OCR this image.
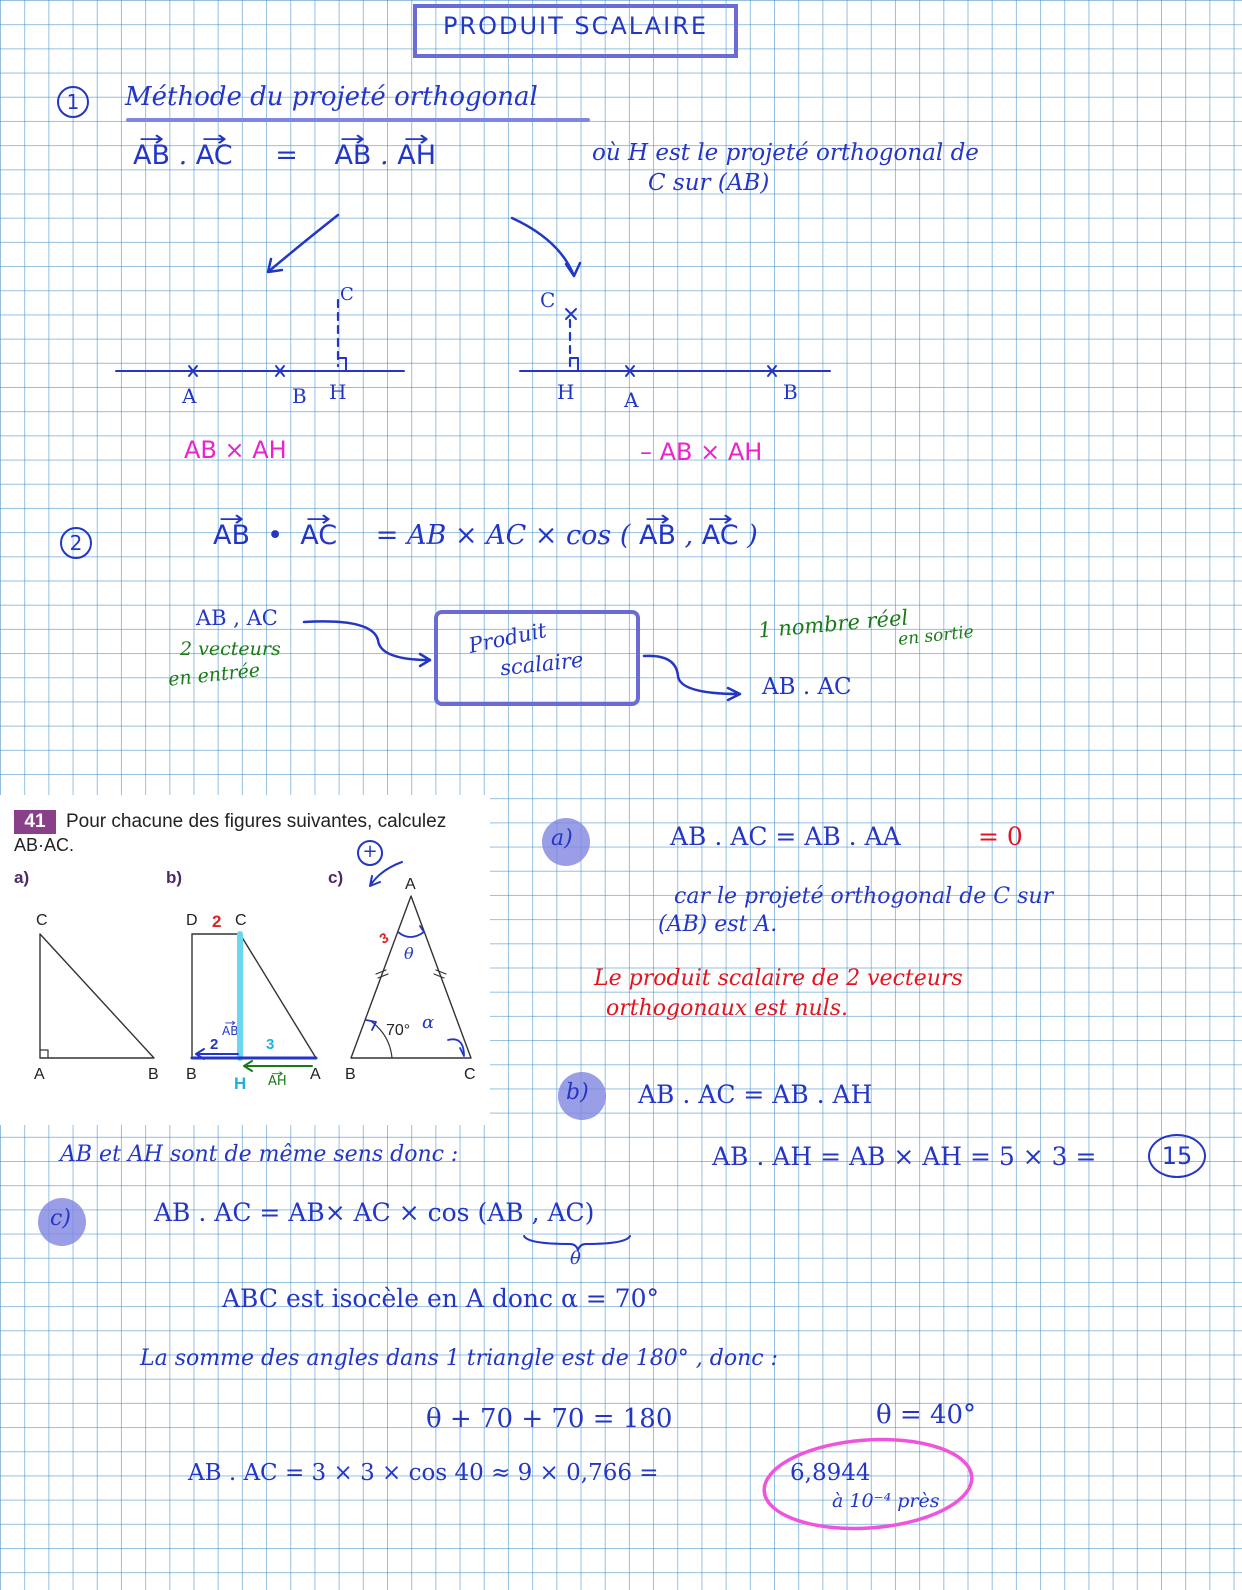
PRODUIT SCALAIRE
1	Méthode du projeté orthogonal
→ AB . → AC = → AB . → AH	où H est le projeté orthogonal de
C sur (AB)
A	B H
C
H A	B
C
AB × AH	– AB × AH
2	→ AB  •  → AC = AB × AC × cos ( → AB , → AC )
AB , AC
2 vecteurs
en entrée
Produit
scalaire
1 nombre réel
en sortie
AB . AC
41	Pour chacune des figures suivantes, calculez
AB·AC.
a)	b)	c)
C
A	B
D C
2
B	A
2	3
H
→ AB
→ AH
A
B	C
70°
3
θ
α
+
a)	AB . AC = AB . AA	= 0
car le projeté orthogonal de C sur
(AB) est A.
Le produit scalaire de 2 vecteurs
orthogonaux est nuls.
b) AB . AC = AB . AH
AB et AH sont de même sens donc :	AB . AH = AB × AH = 5 × 3 =	15
c)	AB . AC = AB× AC × cos (AB , AC)
θ
ABC est isocèle en A donc α = 70°
La somme des angles dans 1 triangle est de 180° , donc :
θ + 70 + 70 = 180	θ = 40°
AB . AC = 3 × 3 × cos 40 ≈ 9 × 0,766 =	6,8944
à 10⁻⁴ près
